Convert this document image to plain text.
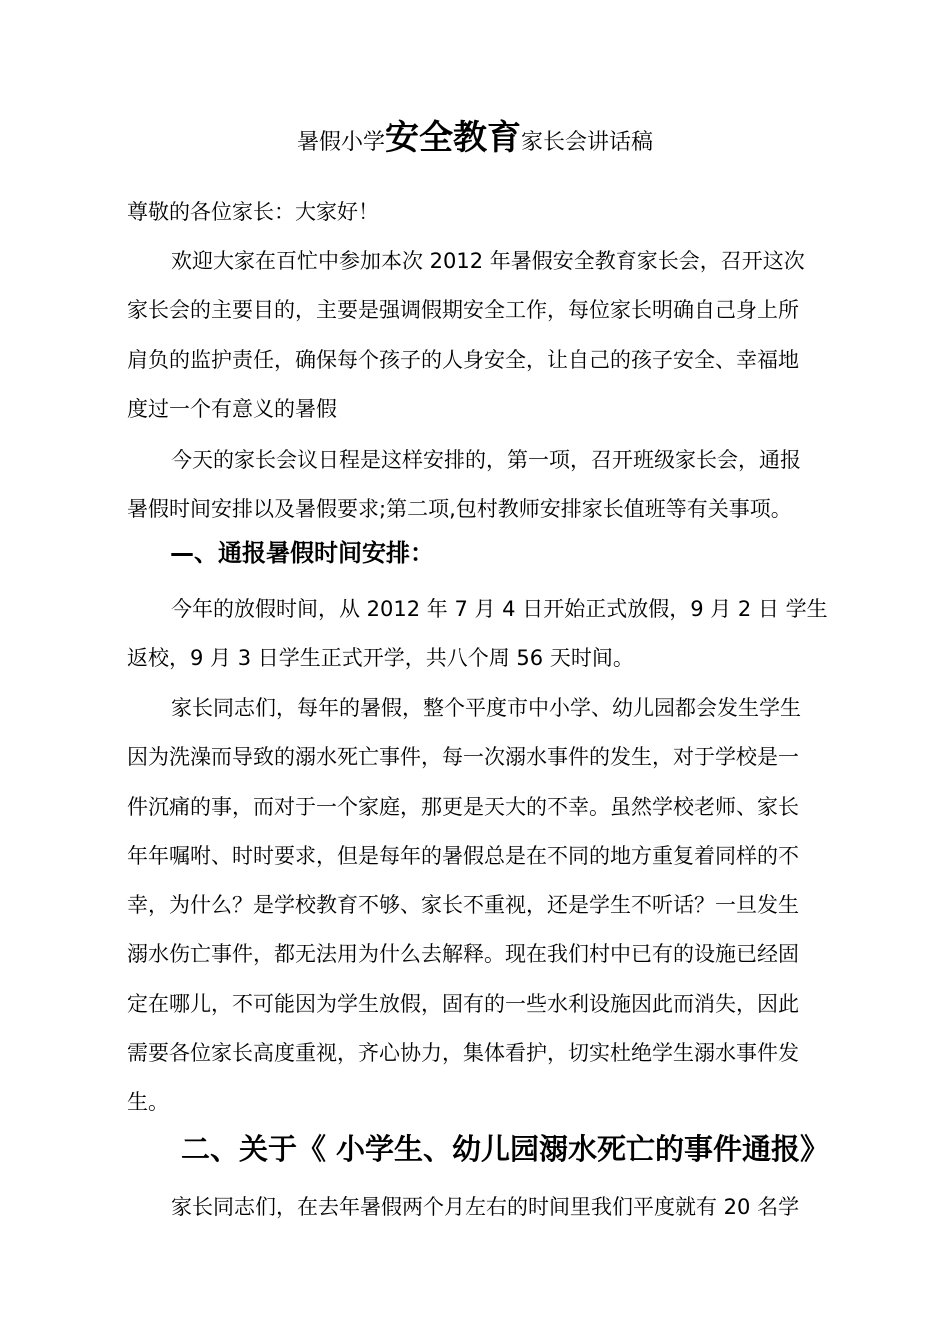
暑假小学安全教育家长会讲话稿
尊敬的各位家长：大家好！
欢迎大家在百忙中参加本次 2012 年暑假安全教育家长会，召开这次
家长会的主要目的，主要是强调假期安全工作，每位家长明确自己身上所
肩负的监护责任，确保每个孩子的人身安全，让自己的孩子安全、幸福地
度过一个有意义的暑假
今天的家长会议日程是这样安排的，第一项，召开班级家长会，通报
暑假时间安排以及暑假要求;第二项,包村教师安排家长值班等有关事项。
—、通报暑假时间安排：
今年的放假时间，从 2012 年 7 月 4 日开始正式放假，9 月 2 日 学生
返校，9 月 3 日学生正式开学，共八个周 56 天时间。
家长同志们，每年的暑假，整个平度市中小学、幼儿园都会发生学生
因为洗澡而导致的溺水死亡事件，每一次溺水事件的发生，对于学校是一
件沉痛的事，而对于一个家庭，那更是天大的不幸。虽然学校老师、家长
年年嘱咐、时时要求，但是每年的暑假总是在不同的地方重复着同样的不
幸，为什么？是学校教育不够、家长不重视，还是学生不听话？一旦发生
溺水伤亡事件，都无法用为什么去解释。现在我们村中已有的设施已经固
定在哪儿，不可能因为学生放假，固有的一些水利设施因此而消失，因此
需要各位家长高度重视，齐心协力，集体看护，切实杜绝学生溺水事件发
生。
二、关于《 小学生、幼儿园溺水死亡的事件通报》
家长同志们，在去年暑假两个月左右的时间里我们平度就有 20 名学
